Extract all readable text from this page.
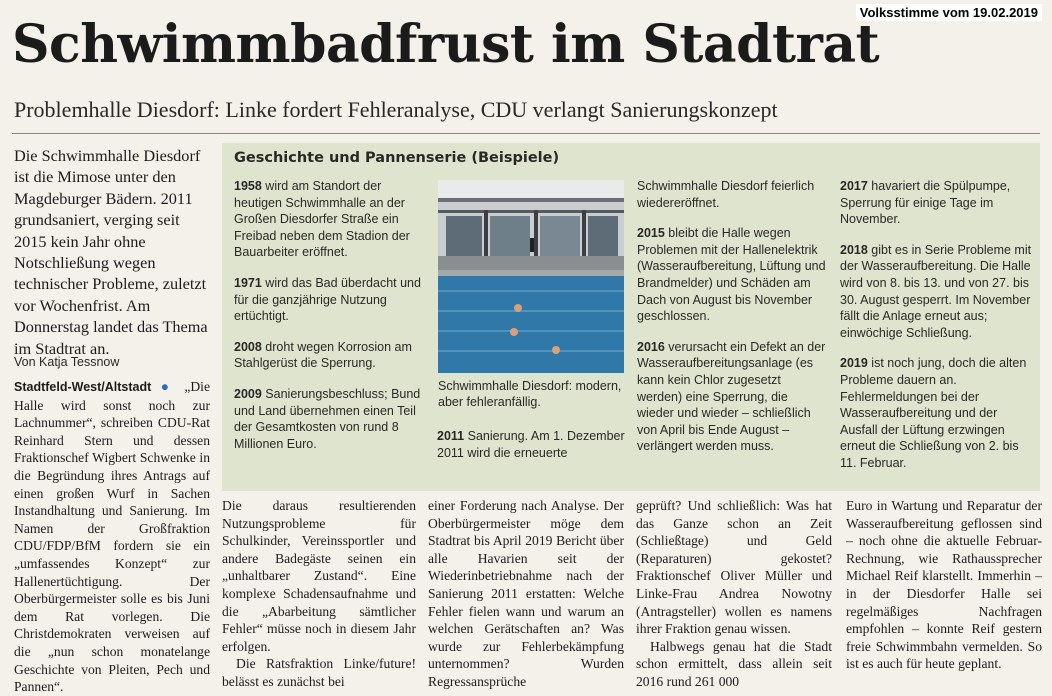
Volksstimme vom 19.02.2019
Schwimmbadfrust im Stadtrat
Problemhalle Diesdorf: Linke fordert Fehleranalyse, CDU verlangt Sanierungskonzept
Die Schwimmhalle Diesdorf ist die Mimose unter den Magdeburger Bädern. 2011 grundsaniert, verging seit 2015 kein Jahr ohne Notschließung wegen technischer Probleme, zuletzt vor Wochenfrist. Am Donnerstag landet das Thema im Stadtrat an.
Von Katja Tessnow

Stadtfeld-West/Altstadt ● „Die Halle wird sonst noch zur Lachnummer“, schreiben CDU-Rat Reinhard Stern und dessen Fraktionschef Wigbert Schwenke in die Begründung ihres Antrags auf einen großen Wurf in Sachen Instandhaltung und Sanierung. Im Namen der Großfraktion CDU/FDP/BfM fordern sie ein „umfassendes Konzept“ zur Hallenertüchtigung. Der Oberbürgermeister solle es bis Juni dem Rat vorlegen. Die Christdemokraten verweisen auf die „nun schon monatelange Geschichte von Pleiten, Pech und Pannen“.

Geschichte und Pannenserie (Beispiele)

1958 wird am Standort der heutigen Schwimmhalle an der Großen Diesdorfer Straße ein Freibad neben dem Stadion der Bauarbeiter eröffnet.

1971 wird das Bad überdacht und für die ganzjährige Nutzung ertüchtigt.

2008 droht wegen Korrosion am Stahlgerüst die Sperrung.

2009 Sanierungsbeschluss; Bund und Land übernehmen einen Teil der Gesamtkosten von rund 8 Millionen Euro.

Schwimmhalle Diesdorf: modern, aber fehleranfällig.

2011 Sanierung. Am 1. Dezember 2011 wird die erneuerte

Schwimmhalle Diesdorf feierlich wiedereröffnet.

2015 bleibt die Halle wegen Problemen mit der Hallenelektrik (Wasseraufbereitung, Lüftung und Brandmelder) und Schäden am Dach von August bis November geschlossen.

2016 verursacht ein Defekt an der Wasseraufbereitungsanlage (es kann kein Chlor zugesetzt werden) eine Sperrung, die wieder und wieder – schließlich von April bis Ende August – verlängert werden muss.

2017 havariert die Spülpumpe, Sperrung für einige Tage im November.

2018 gibt es in Serie Probleme mit der Wasseraufbereitung. Die Halle wird von 8. bis 13. und von 27. bis 30. August gesperrt. Im November fällt die Anlage erneut aus; einwöchige Schließung.

2019 ist noch jung, doch die alten Probleme dauern an. Fehlermeldungen bei der Wasseraufbereitung und der Ausfall der Lüftung erzwingen erneut die Schließung von 2. bis 11. Februar.

Die daraus resultierenden Nutzungsprobleme für Schulkinder, Vereinssportler und andere Badegäste seinen ein „unhaltbarer Zustand“. Eine komplexe Schadensaufnahme und die „Abarbeitung sämtlicher Fehler“ müsse noch in diesem Jahr erfolgen.

Die Ratsfraktion Linke/future! belässt es zunächst bei

einer Forderung nach Analyse. Der Oberbürgermeister möge dem Stadtrat bis April 2019 Bericht über alle Havarien seit der Wiederinbetriebnahme nach der Sanierung 2011 erstatten: Welche Fehler fielen wann und warum an welchen Gerätschaften an? Was wurde zur Fehlerbekämpfung unternommen? Wurden Regressansprüche

geprüft? Und schließlich: Was hat das Ganze schon an Zeit (Schließtage) und Geld (Reparaturen) gekostet? Fraktionschef Oliver Müller und Linke-Frau Andrea Nowotny (Antragsteller) wollen es namens ihrer Fraktion genau wissen.

Halbwegs genau hat die Stadt schon ermittelt, dass allein seit 2016 rund 261 000

Euro in Wartung und Reparatur der Wasseraufbereitung geflossen sind – noch ohne die aktuelle Februar-Rechnung, wie Rathaussprecher Michael Reif klarstellt. Immerhin – in der Diesdorfer Halle sei regelmäßiges Nachfragen empfohlen – konnte Reif gestern freie Schwimmbahn vermelden. So ist es auch für heute geplant.
